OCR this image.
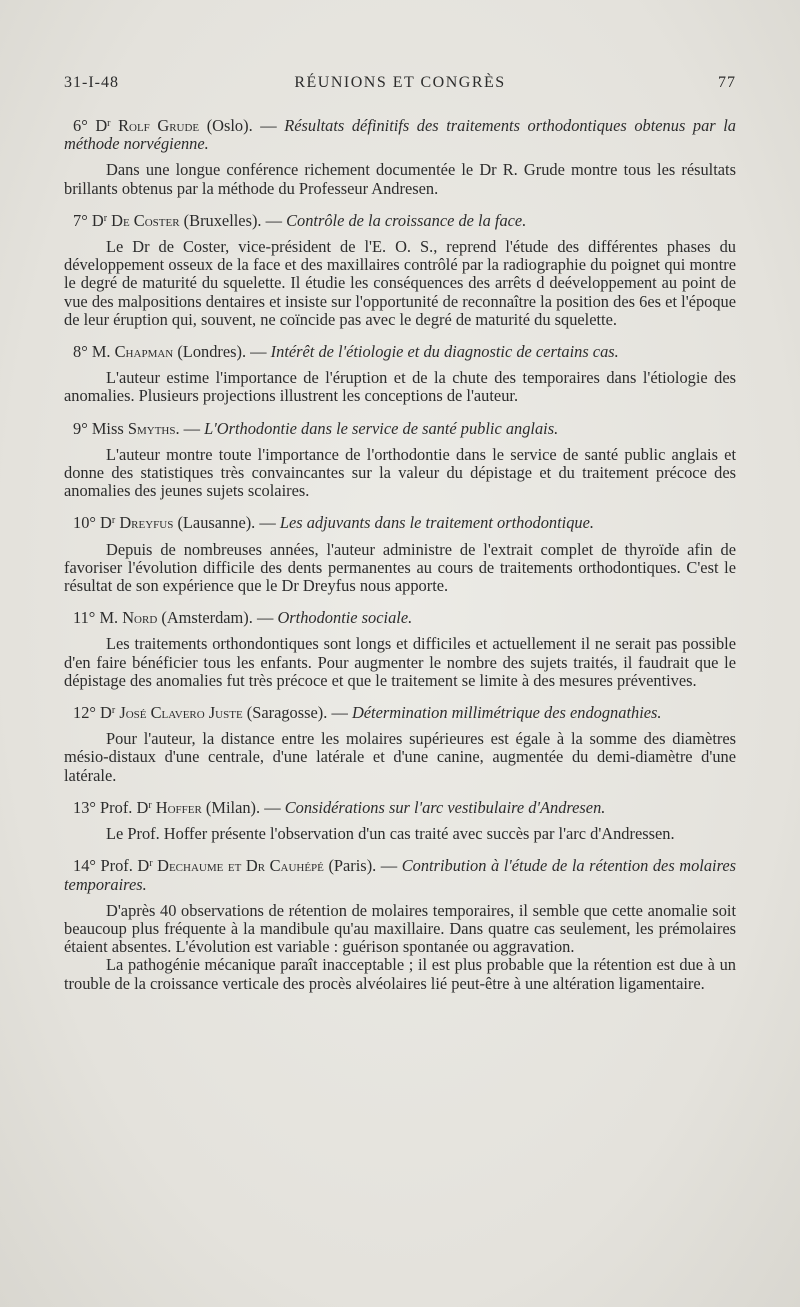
31-I-48	RÉUNIONS ET CONGRÈS	77
6° $D^r$ Rolf Grude (Oslo). — Résultats définitifs des traitements orthodontiques obtenus par la méthode norvégienne.

Dans une longue conférence richement documentée le Dr R. Grude montre tous les résultats brillants obtenus par la méthode du Professeur Andresen.

7° $D^r$ De Coster (Bruxelles). — Contrôle de la croissance de la face.

Le Dr de Coster, vice-président de l'E. O. S., reprend l'étude des différentes phases du développement osseux de la face et des maxillaires contrôlé par la radiographie du poignet qui montre le degré de maturité du squelette. Il étudie les conséquences des arrêts d deéveloppement au point de vue des malpositions dentaires et insiste sur l'opportunité de reconnaître la position des 6es et l'époque de leur éruption qui, souvent, ne coïncide pas avec le degré de maturité du squelette.

8° M. Chapman (Londres). — Intérêt de l'étiologie et du diagnostic de certains cas.

L'auteur estime l'importance de l'éruption et de la chute des temporaires dans l'étiologie des anomalies. Plusieurs projections illustrent les conceptions de l'auteur.

9° Miss Smyths. — L'Orthodontie dans le service de santé public anglais.

L'auteur montre toute l'importance de l'orthodontie dans le service de santé public anglais et donne des statistiques très convaincantes sur la valeur du dépistage et du traitement précoce des anomalies des jeunes sujets scolaires.

10° $D^r$ Dreyfus (Lausanne). — Les adjuvants dans le traitement orthodontique.

Depuis de nombreuses années, l'auteur administre de l'extrait complet de thyroïde afin de favoriser l'évolution difficile des dents permanentes au cours de traitements orthodontiques. C'est le résultat de son expérience que le Dr Dreyfus nous apporte.

11° M. Nord (Amsterdam). — Orthodontie sociale.

Les traitements orthondontiques sont longs et difficiles et actuellement il ne serait pas possible d'en faire bénéficier tous les enfants. Pour augmenter le nombre des sujets traités, il faudrait que le dépistage des anomalies fut très précoce et que le traitement se limite à des mesures préventives.

12° $D^r$ José Clavero Juste (Saragosse). — Détermination millimétrique des endognathies.

Pour l'auteur, la distance entre les molaires supérieures est égale à la somme des diamètres mésio-distaux d'une centrale, d'une latérale et d'une canine, augmentée du demi-diamètre d'une latérale.

13° Prof. $D^r$ Hoffer (Milan). — Considérations sur l'arc vestibulaire d'Andresen.

Le Prof. Hoffer présente l'observation d'un cas traité avec succès par l'arc d'Andressen.

14° Prof. $D^r$ Dechaume et Dr Cauhépé (Paris). — Contribution à l'étude de la rétention des molaires temporaires.

D'après 40 observations de rétention de molaires temporaires, il semble que cette anomalie soit beaucoup plus fréquente à la mandibule qu'au maxillaire. Dans quatre cas seulement, les prémolaires étaient absentes. L'évolution est variable : guérison spontanée ou aggravation.

La pathogénie mécanique paraît inacceptable ; il est plus probable que la rétention est due à un trouble de la croissance verticale des procès alvéolaires lié peut-être à une altération ligamentaire.
